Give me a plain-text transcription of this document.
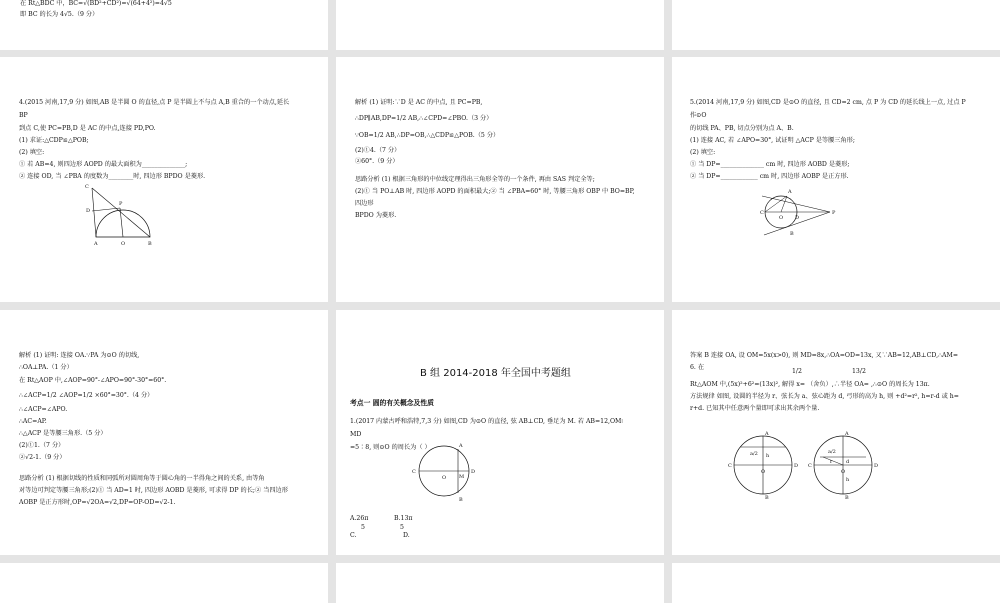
在 Rt△BDC 中，BC=√(BD²+CD²)=√(64+4²)=4√5
即 BC 的长为 4√5.（9 分）
4.(2015 河南,17,9 分) 如图,AB 是半圆 O 的直径,点 P 是半圆上不与点 A,B 重合的一个动点,延长
BP
到点 C,使 PC=PB,D 是 AC 的中点,连接 PD,PO.
(1) 求证:△CDP≌△POB;
(2) 填空:
① 若 AB=4, 则四边形 AOPD 的最大面积为______________;
② 连接 OD, 当 ∠PBA 的度数为________时, 四边形 BPDO 是菱形.
C
D
P
A	O	B
解析 (1) 证明:∵D 是 AC 的中点, 且 PC=PB,
∴DP∥AB,DP=1/2 AB,∴∠CPD=∠PBO.（3 分）
∵OB=1/2 AB,∴DP=OB,∴△CDP≌△POB.（5 分）
(2)①4.（7 分）
②60°.（9 分）
思路分析 (1) 根据三角形的中位线定理得出三角形全等的一个条件, 再由 SAS 判定全等;
(2)① 当 PO⊥AB 时, 四边形 AOPD 的面积最大;② 当 ∠PBA=60° 时, 等腰三角形 OBP 中 BO=BP,
四边形
BPDO 为菱形.
5.(2014 河南,17,9 分) 如图,CD 是⊙O 的直径, 且 CD=2 cm, 点 P 为 CD 的延长线上一点, 过点 P
作⊙O
的切线 PA、PB, 切点分别为点 A、B.
(1) 连接 AC, 若 ∠APO=30°, 试证明 △ACP 是等腰三角形;
(2) 填空:
① 当 DP=______________ cm 时, 四边形 AOBD 是菱形;
② 当 DP=____________ cm 时, 四边形 AOBP 是正方形.
A
C
O D
P
B
解析 (1) 证明: 连接 OA.∵PA 为⊙O 的切线,
∴OA⊥PA.（1 分）
在 Rt△AOP 中,∠AOP=90°-∠APO=90°-30°=60°.
∴∠ACP=1/2 ∠AOP=1/2 ×60°=30°.（4 分）
∴∠ACP=∠APO.
∴AC=AP.
∴△ACP 是等腰三角形.（5 分）
(2)①1.（7 分）
②√2-1.（9 分）
思路分析 (1) 根据切线的性质和同弧所对圆周角等于圆心角的一半得角之间的关系, 由等角
对等边可判定等腰三角形;(2)① 当 AD=1 时, 四边形 AOBD 是菱形, 可求得 DP 的长;② 当四边形
AOBP 是正方形时,OP=√2OA=√2,DP=OP-OD=√2-1.
B 组 2014-2018 年全国中考题组
考点一 圆的有关概念及性质
1.(2017 内蒙古呼和浩特,7,3 分) 如图,CD 为⊙O 的直径, 弦 AB⊥CD, 垂足为 M. 若 AB=12,OM∶
MD
=5∶8, 则⊙O 的周长为（ ）
C
O
A
M
B
D
A.26π
5
B.13π
5
C.	D.
答案 B 连接 OA, 设 OM=5x(x>0), 则 MD=8x,∴OA=OD=13x, 又∵AB=12,AB⊥CD,∴AM=
6. 在
1/2	13/2
Rt△AOM 中,(5x)²+6²=(13x)², 解得 x= （舍负）,∴半径 OA= ,∴⊙O 的周长为 13π.
方法规律 如图, 设圆的半径为 r、弦长为 a、弦心距为 d, 弓形的高为 h, 则 +d²=r², h=r-d 或 h=
r+d. 已知其中任意两个量即可求出其余两个量.
C
O
D
A
B
a/2 h
C
O
D
A
B
a/2
h
r	d
